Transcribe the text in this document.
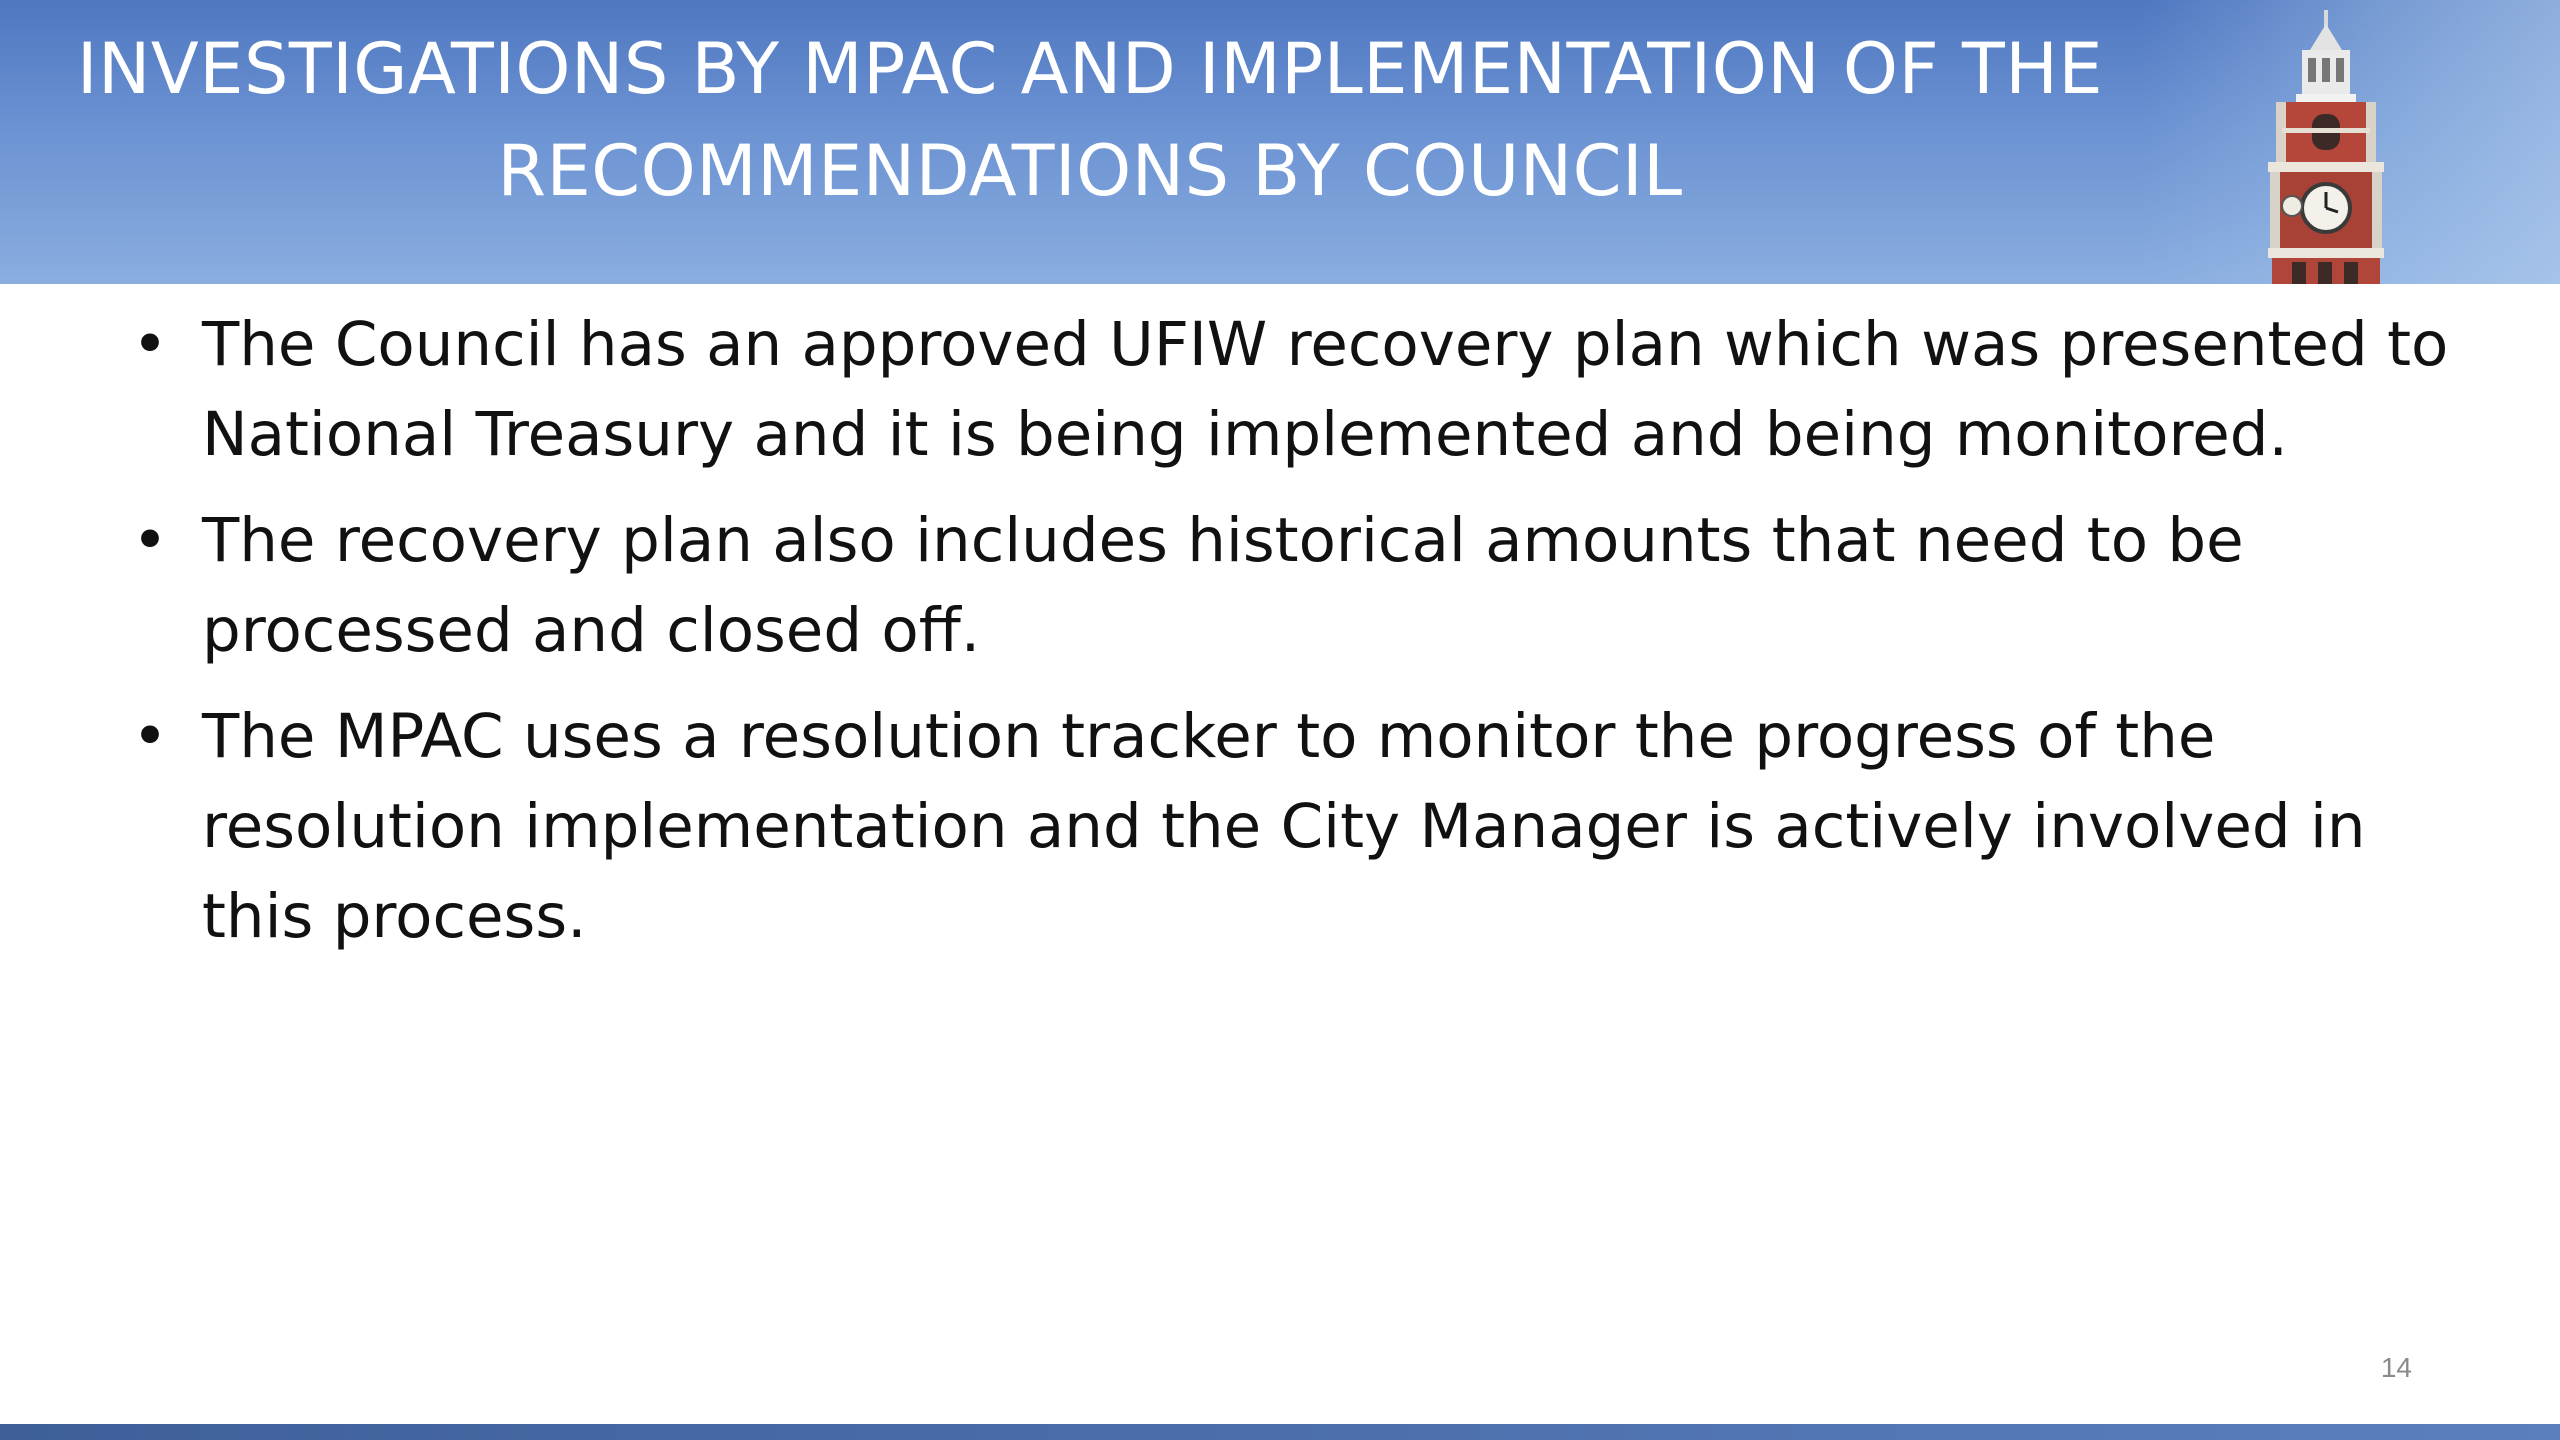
INVESTIGATIONS BY MPAC AND IMPLEMENTATION OF THE
RECOMMENDATIONS BY COUNCIL
• The Council has an approved UFIW recovery plan which was presented to National Treasury and it is being implemented and being monitored.
• The recovery plan also includes historical amounts that need to be processed and closed off.
• The MPAC uses a resolution tracker to monitor the progress of the resolution implementation and the City Manager is actively involved in this process.
14
